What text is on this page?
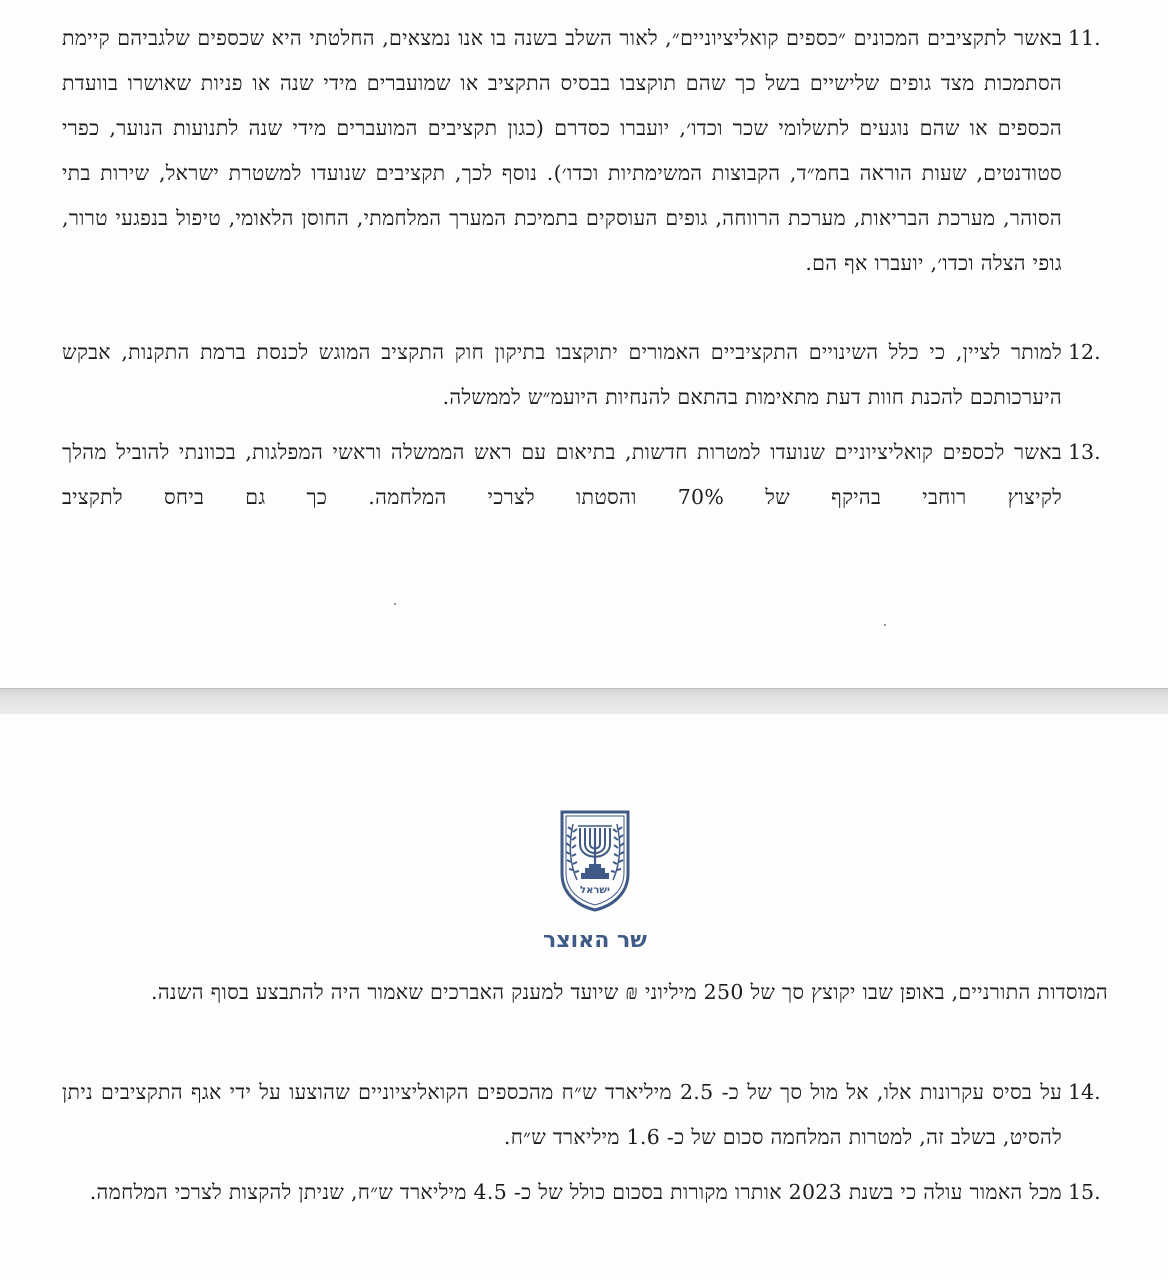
11.
באשר לתקציבים המכונים ״כספים קואליציוניים״, לאור השלב בשנה בו אנו נמצאים, החלטתי היא שכספים שלגביהם קיימת הסתמכות מצד גופים שלישיים בשל כך שהם תוקצבו בבסיס התקציב או שמועברים מידי שנה או פניות שאושרו בוועדת הכספים או שהם נוגעים לתשלומי שכר וכדו׳, יועברו כסדרם (כגון תקציבים המועברים מידי שנה לתנועות הנוער, כפרי סטודנטים, שעות הוראה בחמ״ד, הקבוצות המשימתיות וכדו׳). נוסף לכך, תקציבים שנועדו למשטרת ישראל, שירות בתי הסוהר, מערכת הבריאות, מערכת הרווחה, גופים העוסקים בתמיכת המערך המלחמתי, החוסן הלאומי, טיפול בנפגעי טרור, גופי הצלה וכדו׳, יועברו אף הם.
12.
למותר לציין, כי כלל השינויים התקציביים האמורים יתוקצבו בתיקון חוק התקציב המוגש לכנסת ברמת התקנות, אבקש היערכותכם להכנת חוות דעת מתאימות בהתאם להנחיות היועמ״ש לממשלה.
13.
באשר לכספים קואליציוניים שנועדו למטרות חדשות, בתיאום עם ראש הממשלה וראשי המפלגות, בכוונתי להוביל מהלך לקיצוץ רוחבי בהיקף של 70% והסטתו לצרכי המלחמה. כך גם ביחס לתקציב
ישראל
שר האוצר
המוסדות התורניים, באופן שבו יקוצץ סך של 250 מיליוני ₪ שיועד למענק האברכים שאמור היה להתבצע בסוף השנה.
14.
על בסיס עקרונות אלו, אל מול סך של כ- 2.5 מיליארד ש״ח מהכספים הקואליציוניים שהוצעו על ידי אגף התקציבים ניתן להסיט, בשלב זה, למטרות המלחמה סכום של כ- 1.6 מיליארד ש״ח.
15.
מכל האמור עולה כי בשנת 2023 אותרו מקורות בסכום כולל של כ- 4.5 מיליארד ש״ח, שניתן להקצות לצרכי המלחמה.
